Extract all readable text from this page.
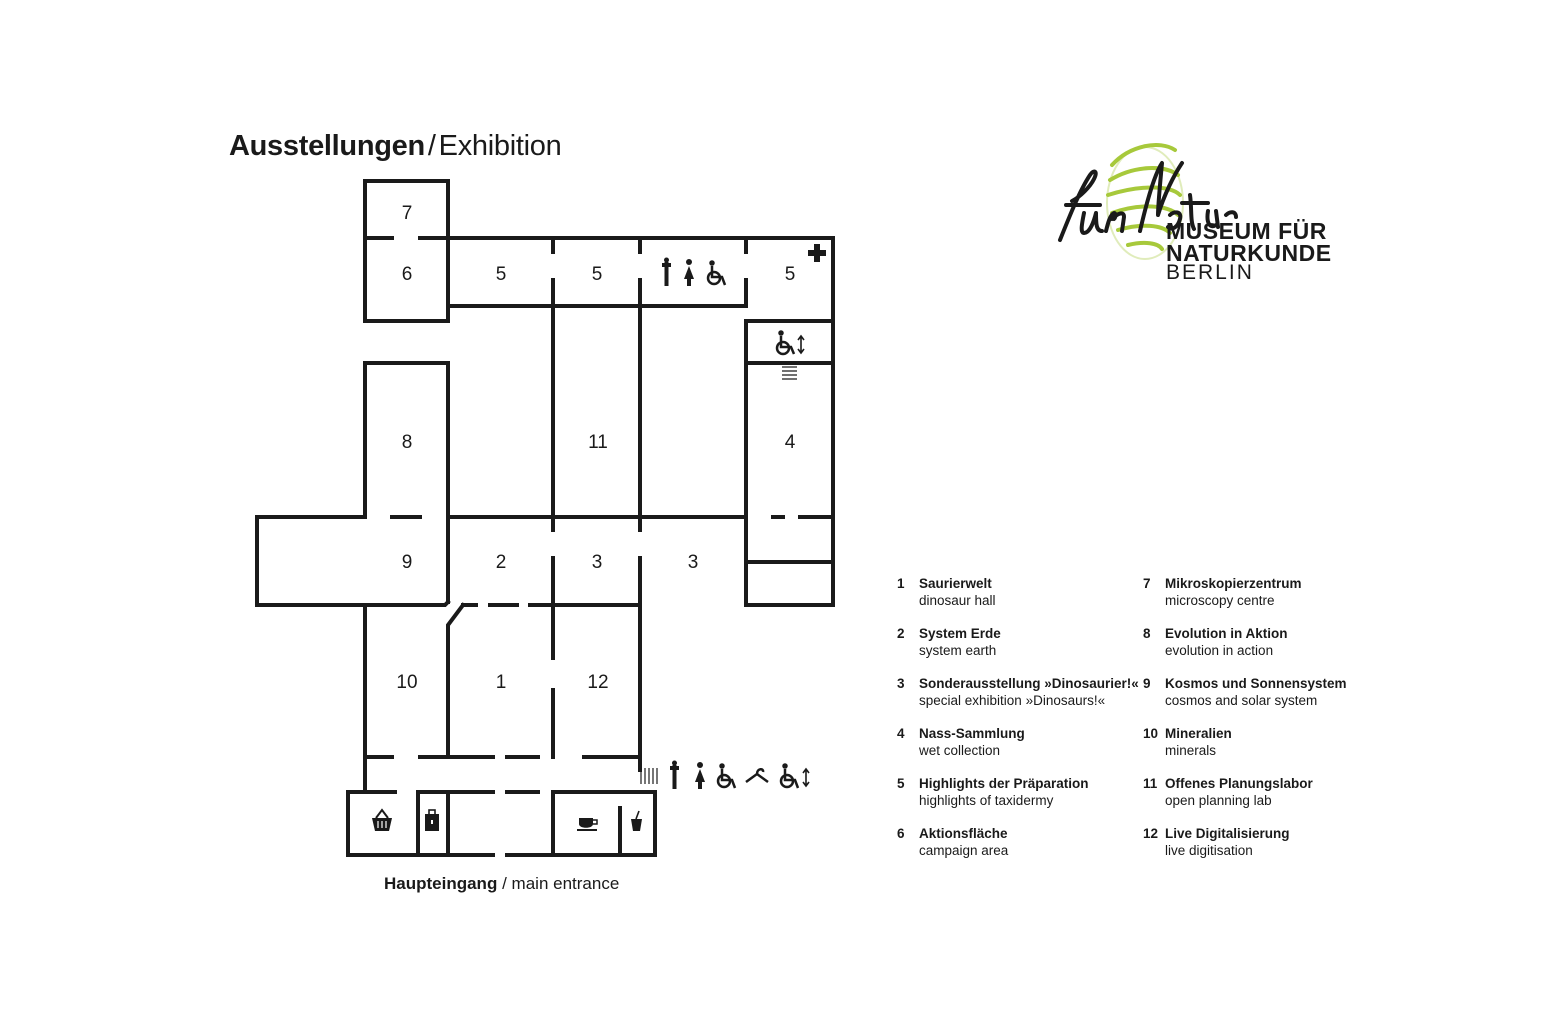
Ausstellungen / Exhibition
7
6	5	5	5
8	11	4
9	2	3	3
10	1	12
Haupteingang / main entrance
MUSEUM FÜR
NATURKUNDE
BERLIN
1 Saurierwelt
dinosaur hall
2 System Erde
system earth
3 Sonderausstellung »Dinosaurier!«
special exhibition »Dinosaurs!«
4 Nass-Sammlung
wet collection
5 Highlights der Präparation
highlights of taxidermy
6 Aktionsfläche
campaign area
7 Mikroskopierzentrum
microscopy centre
8 Evolution in Aktion
evolution in action
9 Kosmos und Sonnensystem
cosmos and solar system
10 Mineralien
minerals
11 Offenes Planungslabor
open planning lab
12 Live Digitalisierung
live digitisation
